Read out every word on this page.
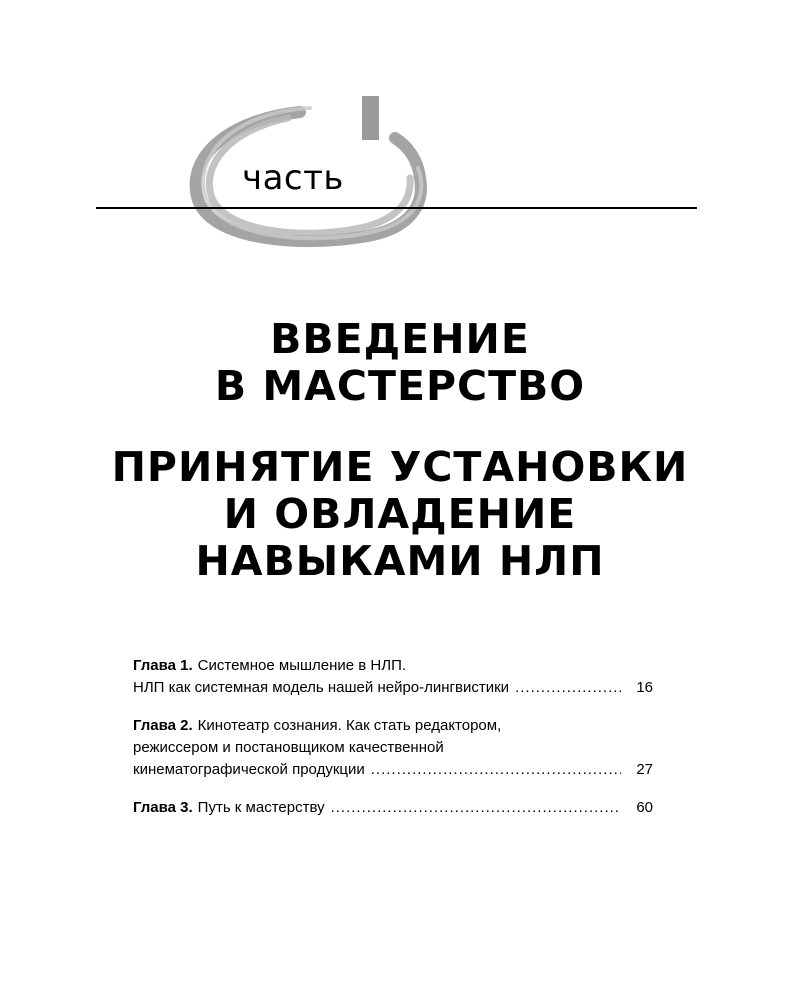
часть
ВВЕДЕНИЕ
В МАСТЕРСТВО
ПРИНЯТИЕ УСТАНОВКИ
И ОВЛАДЕНИЕ
НАВЫКАМИ НЛП
Глава 1. Системное мышление в НЛП.
НЛП как системная модель нашей нейро-лингвистики .....	16
Глава 2. Кинотеатр сознания. Как стать редактором,
режиссером и постановщиком качественной
кинематографической продукции .....	27
Глава 3. Путь к мастерству .....	60
